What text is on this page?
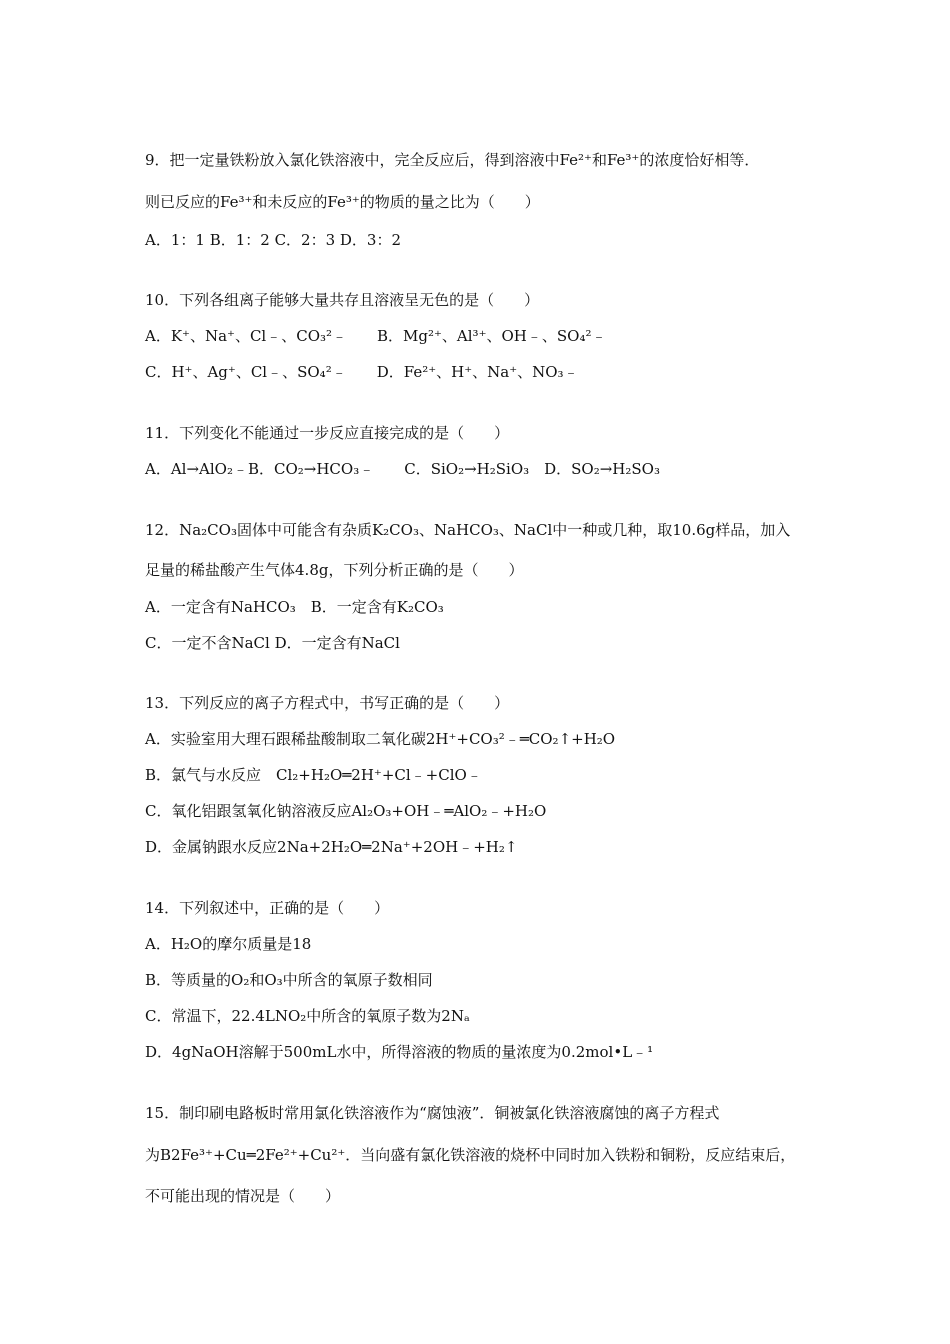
9．把一定量铁粉放入氯化铁溶液中，完全反应后，得到溶液中Fe²⁺和Fe³⁺的浓度恰好相等．
则已反应的Fe³⁺和未反应的Fe³⁺的物质的量之比为（　　）
A．1：1 B．1：2 C．2：3 D．3：2
10．下列各组离子能够大量共存且溶液呈无色的是（　　）
A．K⁺、Na⁺、Cl﹣、CO₃²﹣　　B．Mg²⁺、Al³⁺、OH﹣、SO₄²﹣
C．H⁺、Ag⁺、Cl﹣、SO₄²﹣　　D．Fe²⁺、H⁺、Na⁺、NO₃﹣
11．下列变化不能通过一步反应直接完成的是（　　）
A．Al→AlO₂﹣B．CO₂→HCO₃﹣　　C．SiO₂→H₂SiO₃　D．SO₂→H₂SO₃
12．Na₂CO₃固体中可能含有杂质K₂CO₃、NaHCO₃、NaCl中一种或几种，取10.6g样品，加入
足量的稀盐酸产生气体4.8g，下列分析正确的是（　　）
A．一定含有NaHCO₃　B．一定含有K₂CO₃
C．一定不含NaCl D．一定含有NaCl
13．下列反应的离子方程式中，书写正确的是（　　）
A．实验室用大理石跟稀盐酸制取二氧化碳2H⁺+CO₃²﹣═CO₂↑+H₂O
B．氯气与水反应　Cl₂+H₂O═2H⁺+Cl﹣+ClO﹣
C．氧化铝跟氢氧化钠溶液反应Al₂O₃+OH﹣═AlO₂﹣+H₂O
D．金属钠跟水反应2Na+2H₂O═2Na⁺+2OH﹣+H₂↑
14．下列叙述中，正确的是（　　）
A．H₂O的摩尔质量是18
B．等质量的O₂和O₃中所含的氧原子数相同
C．常温下，22.4LNO₂中所含的氧原子数为2Nₐ
D．4gNaOH溶解于500mL水中，所得溶液的物质的量浓度为0.2mol•L﹣¹
15．制印刷电路板时常用氯化铁溶液作为“腐蚀液”．铜被氯化铁溶液腐蚀的离子方程式
为B2Fe³⁺+Cu═2Fe²⁺+Cu²⁺．当向盛有氯化铁溶液的烧杯中同时加入铁粉和铜粉，反应结束后，
不可能出现的情况是（　　）
